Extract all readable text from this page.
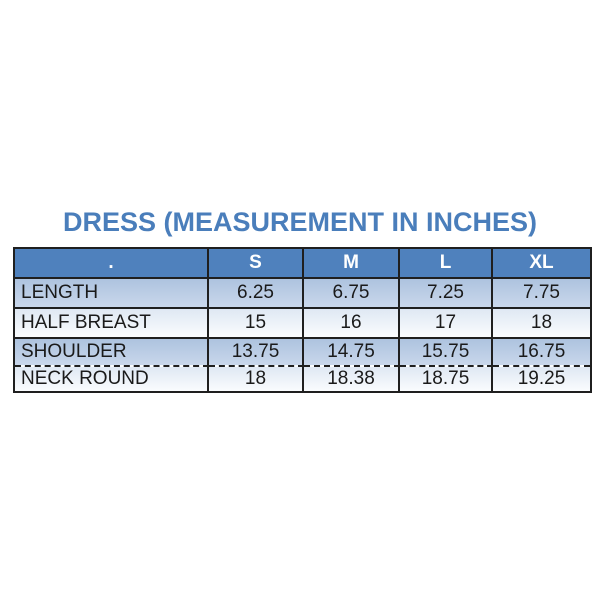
DRESS (MEASUREMENT IN INCHES)
.	S	M	L	XL
LENGTH	6.25	6.75	7.25	7.75
HALF BREAST	15	16	17	18
SHOULDER	13.75	14.75	15.75	16.75
NECK ROUND	18	18.38	18.75	19.25
